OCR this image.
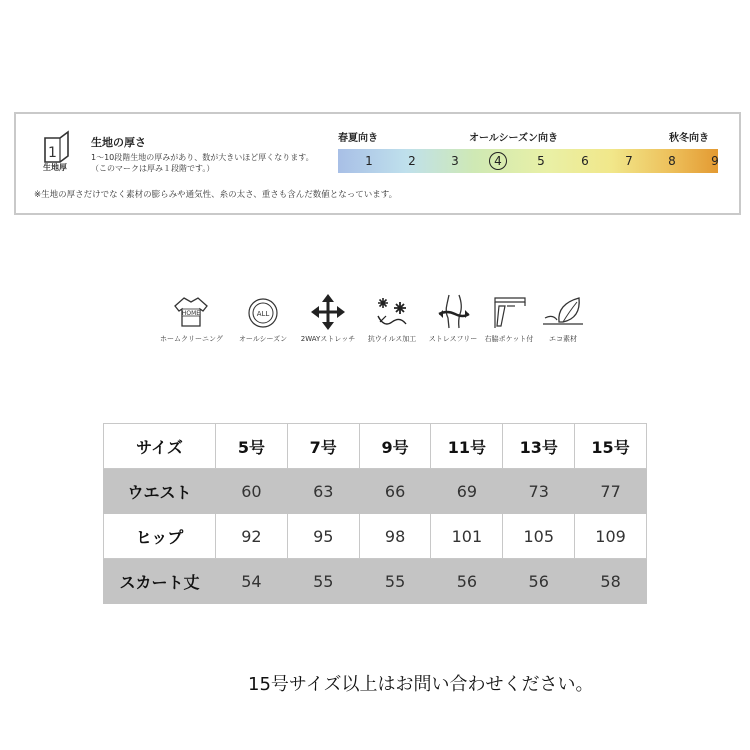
1
生地厚
生地の厚さ
1～10段階生地の厚みがあり、数が大きいほど厚くなります。
（このマークは厚み１段階です。）
※生地の厚さだけでなく素材の膨らみや通気性、糸の太さ、重さも含んだ数値となっています。
春夏向き	オールシーズン向き	秋冬向き
1	2	3	4	5	6	7	8	9
HOME
ホームクリーニング
ALL
オールシーズン	2WAYストレッチ	抗ウイルス加工	ストレスフリー	右脇ポケット付	エコ素材
サイズ	5号	7号	9号	11号	13号	15号
ウエスト	60	63	66	69	73	77
ヒップ	92	95	98	101	105	109
スカート丈	54	55	55	56	56	58
15号サイズ以上はお問い合わせください。
